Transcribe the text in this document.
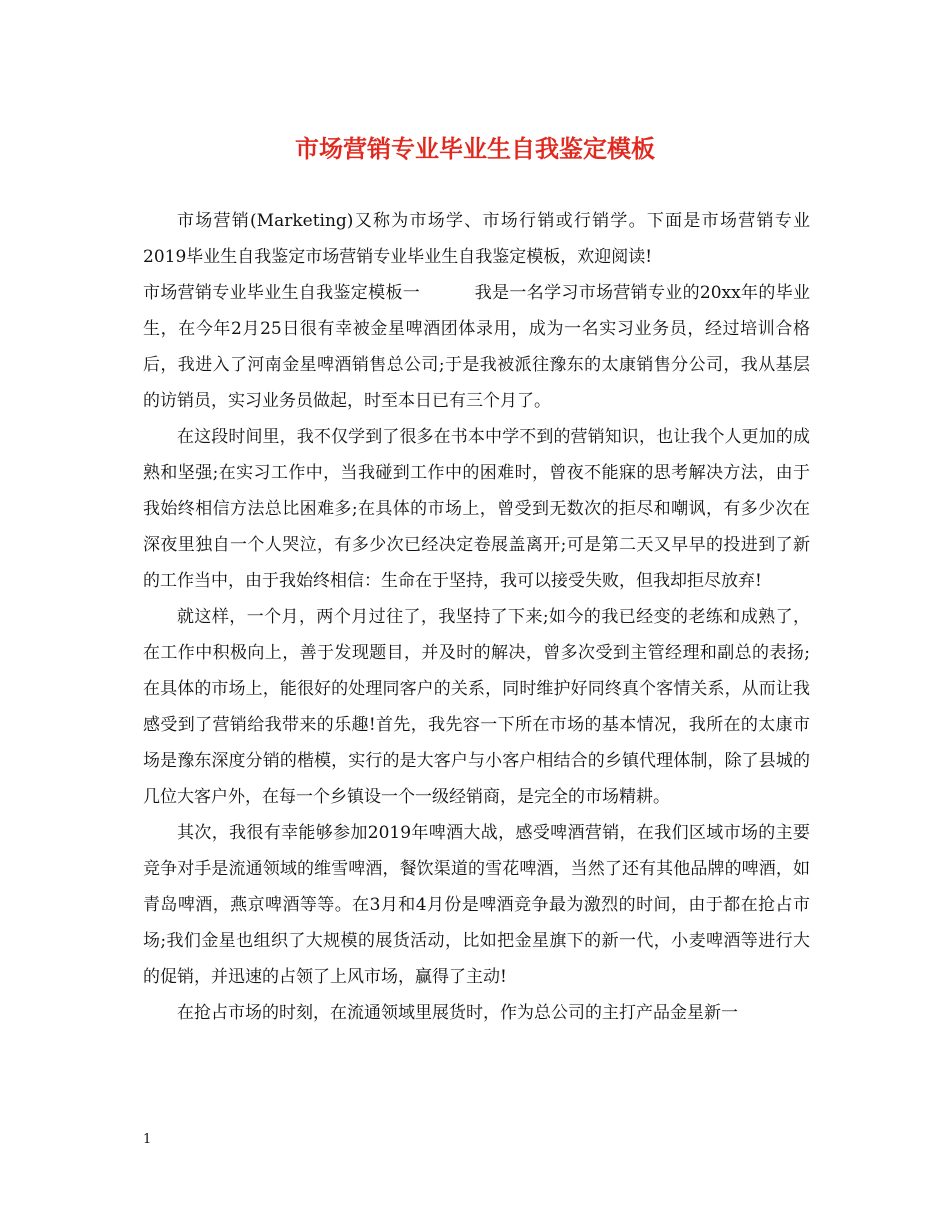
市场营销专业毕业生自我鉴定模板

市场营销(Marketing)又称为市场学、市场行销或行销学。下面是市场营销专业2019毕业生自我鉴定市场营销专业毕业生自我鉴定模板，欢迎阅读!

市场营销专业毕业生自我鉴定模板一	我是一名学习市场营销专业的20xx年的毕业生，在今年2月25日很有幸被金星啤酒团体录用，成为一名实习业务员，经过培训合格后，我进入了河南金星啤酒销售总公司;于是我被派往豫东的太康销售分公司，我从基层的访销员，实习业务员做起，时至本日已有三个月了。

在这段时间里，我不仅学到了很多在书本中学不到的营销知识，也让我个人更加的成熟和坚强;在实习工作中，当我碰到工作中的困难时，曾夜不能寐的思考解决方法，由于我始终相信方法总比困难多;在具体的市场上，曾受到无数次的拒尽和嘲讽，有多少次在深夜里独自一个人哭泣，有多少次已经决定卷展盖离开;可是第二天又早早的投进到了新的工作当中，由于我始终相信：生命在于坚持，我可以接受失败，但我却拒尽放弃!

就这样，一个月，两个月过往了，我坚持了下来;如今的我已经变的老练和成熟了，在工作中积极向上，善于发现题目，并及时的解决，曾多次受到主管经理和副总的表扬;在具体的市场上，能很好的处理同客户的关系，同时维护好同终真个客情关系，从而让我感受到了营销给我带来的乐趣!首先，我先容一下所在市场的基本情况，我所在的太康市场是豫东深度分销的楷模，实行的是大客户与小客户相结合的乡镇代理体制，除了县城的几位大客户外，在每一个乡镇设一个一级经销商，是完全的市场精耕。

其次，我很有幸能够参加2019年啤酒大战，感受啤酒营销，在我们区域市场的主要竞争对手是流通领域的维雪啤酒，餐饮渠道的雪花啤酒，当然了还有其他品牌的啤酒，如青岛啤酒，燕京啤酒等等。在3月和4月份是啤酒竞争最为激烈的时间，由于都在抢占市场;我们金星也组织了大规模的展货活动，比如把金星旗下的新一代，小麦啤酒等进行大的促销，并迅速的占领了上风市场，赢得了主动!

在抢占市场的时刻，在流通领域里展货时，作为总公司的主打产品金星新一

1
